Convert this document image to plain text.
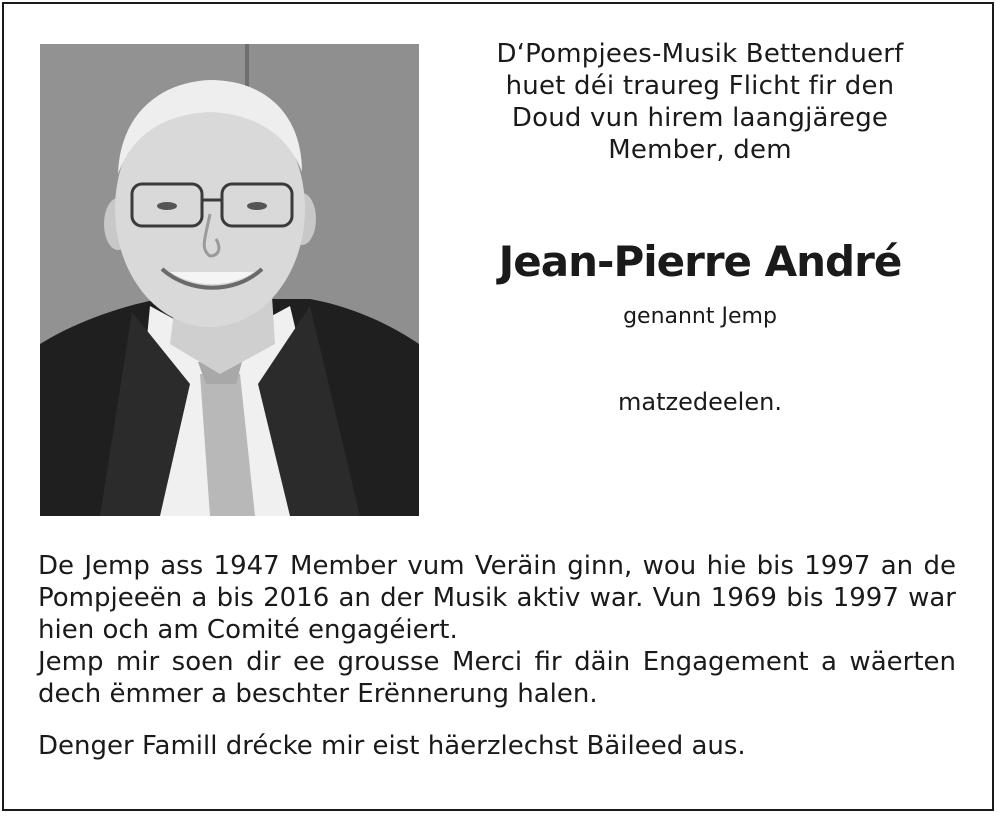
D‘Pompjees-Musik Bettenduerf
huet déi traureg Flicht fir den
Doud vun hirem laangjärege
Member, dem
Jean-Pierre André
genannt Jemp
matzedeelen.

De Jemp ass 1947 Member vum Veräin ginn, wou hie bis 1997 an de Pompjeeën a bis 2016 an der Musik aktiv war. Vun 1969 bis 1997 war hien och am Comité engagéiert.

Jemp mir soen dir ee grousse Merci fir däin Engagement a wäerten dech ëmmer a beschter Erënnerung halen.

Denger Famill drécke mir eist häerzlechst Bäileed aus.
